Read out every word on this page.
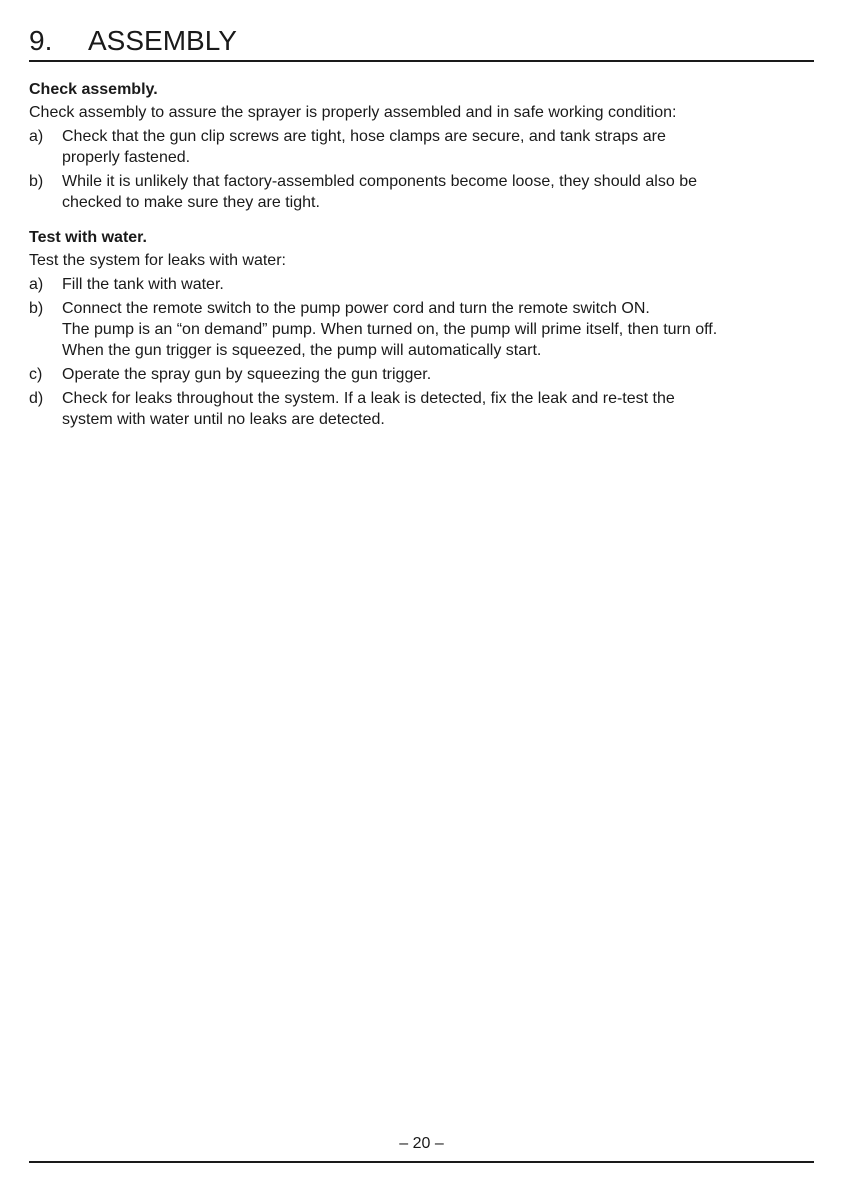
9. ASSEMBLY
Check assembly.
Check assembly to assure the sprayer is properly assembled and in safe working condition:
a)	Check that the gun clip screws are tight, hose clamps are secure, and tank straps are
properly fastened.
b)	While it is unlikely that factory-assembled components become loose, they should also be
checked to make sure they are tight.
Test with water.
Test the system for leaks with water:
a)	Fill the tank with water.
b)	Connect the remote switch to the pump power cord and turn the remote switch ON.
The pump is an “on demand” pump. When turned on, the pump will prime itself, then turn off.
When the gun trigger is squeezed, the pump will automatically start.
c)	Operate the spray gun by squeezing the gun trigger.
d)	Check for leaks throughout the system. If a leak is detected, fix the leak and re-test the
system with water until no leaks are detected.
– 20 –
